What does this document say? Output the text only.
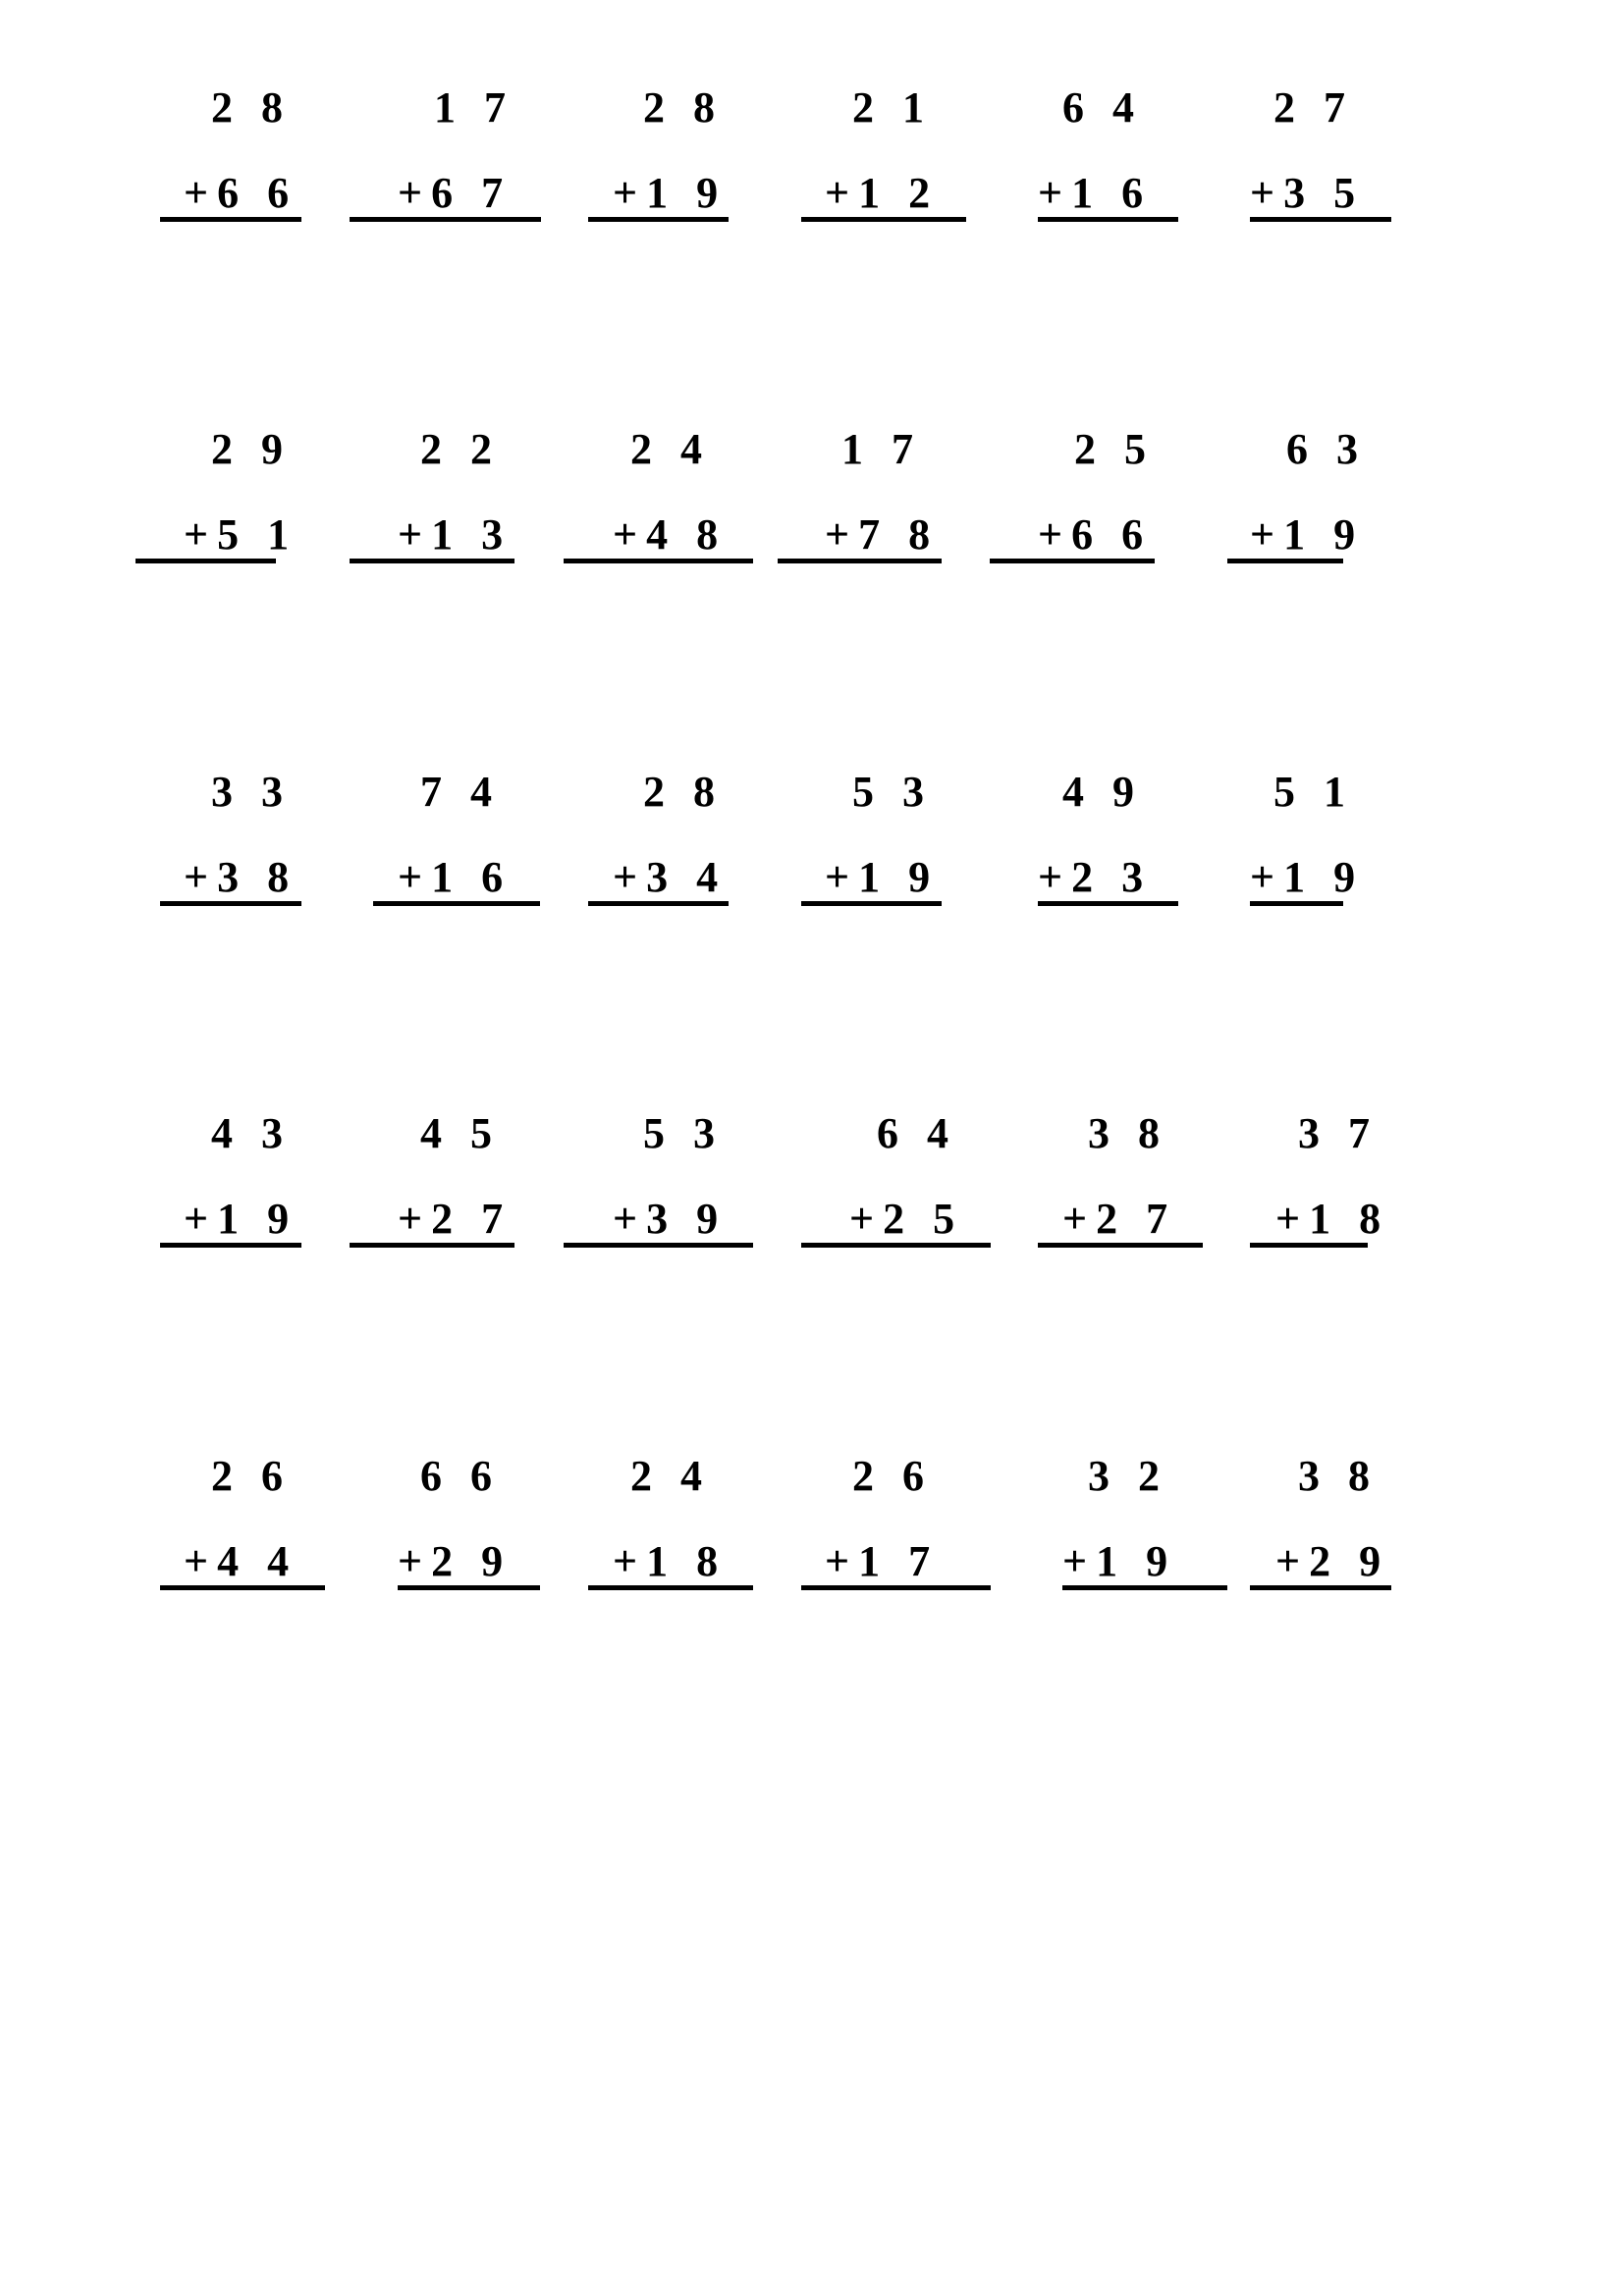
2 8
+6 6
1 7
+6 7
2 8
+1 9
2 1
+1 2
6 4
+1 6
2 7
+3 5
2 9
+5 1
2 2
+1 3
2 4
+4 8
1 7
+7 8
2 5
+6 6
6 3
+1 9
3 3
+3 8
7 4
+1 6
2 8
+3 4
5 3
+1 9
4 9
+2 3
5 1
+1 9
4 3
+1 9
4 5
+2 7
5 3
+3 9
6 4
+2 5
3 8
+2 7
3 7
+1 8
2 6
+4 4
6 6
+2 9
2 4
+1 8
2 6
+1 7
3 2
+1 9
3 8
+2 9
